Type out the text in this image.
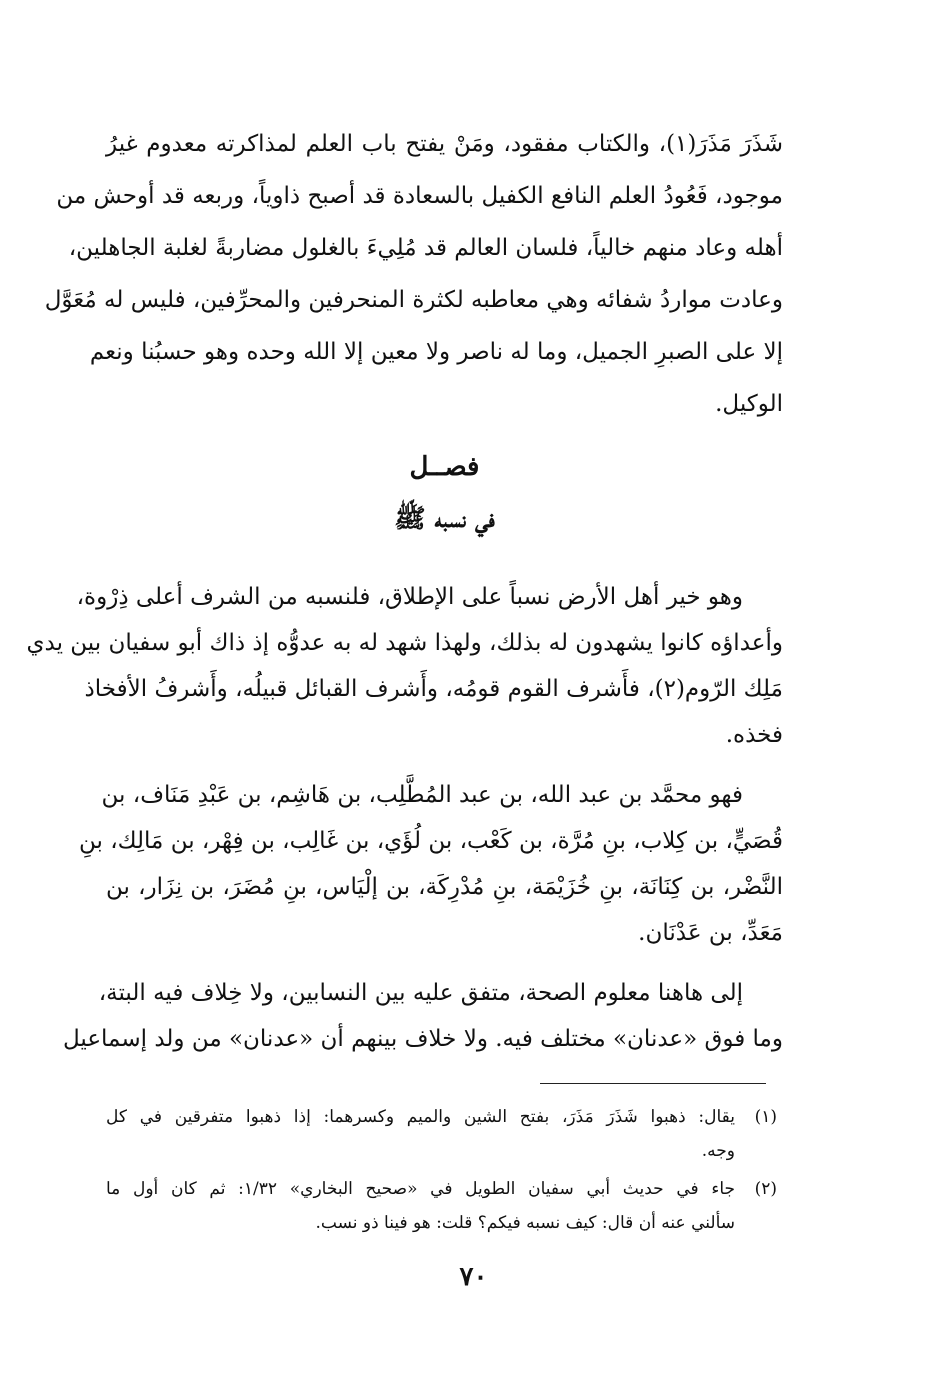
شَذَرَ مَذَرَ(١)، والكتاب مفقود، ومَنْ يفتح باب العلم لمذاكرته معدوم غيرُ
موجود، فَعُودُ العلم النافع الكفيل بالسعادة قد أصبح ذاوياً، وربعه قد أوحش من
أهله وعاد منهم خالياً، فلسان العالم قد مُلِيءَ بالغلول مضاربةً لغلبة الجاهلين،
وعادت مواردُ شفائه وهي معاطبه لكثرة المنحرفين والمحرِّفين، فليس له مُعَوَّل
إلا على الصبرِ الجميل، وما له ناصر ولا معين إلا الله وحده وهو حسبُنا ونعم
الوكيل.
فصــل
في نسبه ﷺ
وهو خير أهل الأرض نسباً على الإطلاق، فلنسبه من الشرف أعلى ذِرْوة،
وأعداؤه كانوا يشهدون له بذلك، ولهذا شهد له به عدوُّه إذ ذاك أبو سفيان بين يدي
مَلِك الرّوم(٢)، فأَشرف القوم قومُه، وأَشرف القبائل قبيلُه، وأَشرفُ الأفخاذ
فخذه.
فهو محمَّد بن عبد الله، بن عبد المُطَّلِب، بن هَاشِم، بن عَبْدِ مَنَاف، بن
قُصَيٍّ، بن كِلاب، بنِ مُرَّة، بن كَعْب، بن لُؤَي، بن غَالِب، بن فِهْر، بن مَالِك، بنِ
النَّضْر، بن كِنَانَة، بنِ خُزَيْمَة، بنِ مُدْرِكَة، بن إلْيَاس، بنِ مُضَرَ، بن نِزَار، بن
مَعَدِّ، بن عَدْنَان.
إلى هاهنا معلوم الصحة، متفق عليه بين النسابين، ولا خِلاف فيه البتة،
وما فوق «عدنان» مختلف فيه. ولا خلاف بينهم أن «عدنان» من ولد إسماعيل
(١)
يقال: ذهبوا شَذَرَ مَذَرَ، بفتح الشين والميم وكسرهما: إذا ذهبوا متفرقين في كل
وجه.
(٢)
جاء في حديث أبي سفيان الطويل في «صحيح البخاري» ١/٣٢: ثم كان أول ما
سألني عنه أن قال: كيف نسبه فيكم؟ قلت: هو فينا ذو نسب.
٧٠
